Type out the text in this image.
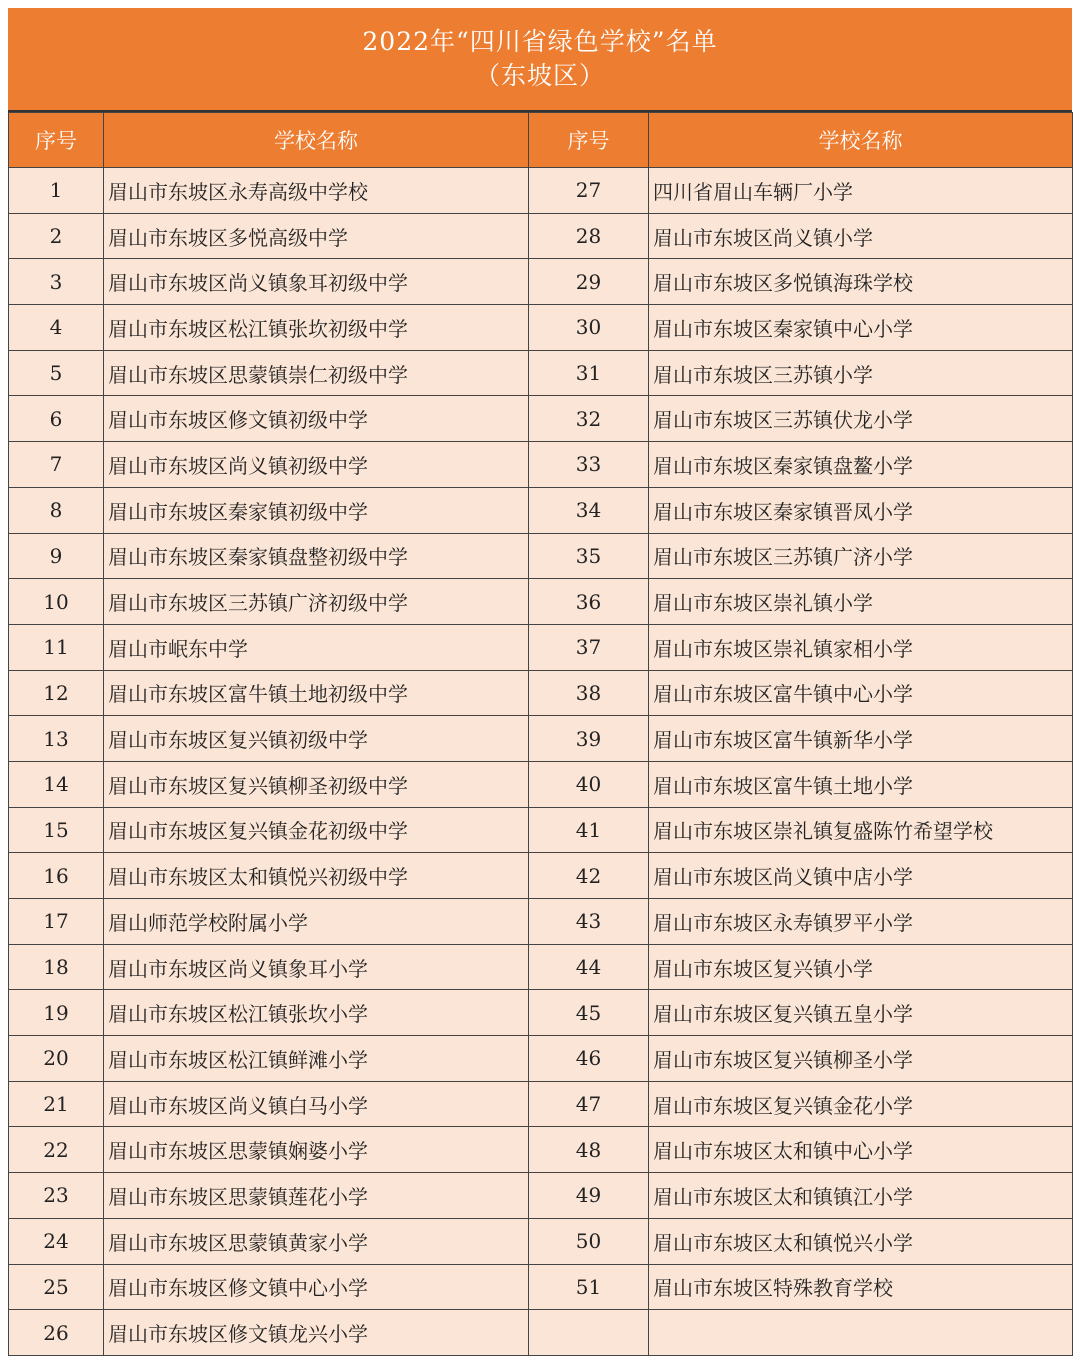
2022年“四川省绿色学校”名单
（东坡区）
序号	学校名称	序号	学校名称
1	眉山市东坡区永寿高级中学校	27	四川省眉山车辆厂小学
2	眉山市东坡区多悦高级中学	28	眉山市东坡区尚义镇小学
3	眉山市东坡区尚义镇象耳初级中学	29	眉山市东坡区多悦镇海珠学校
4	眉山市东坡区松江镇张坎初级中学	30	眉山市东坡区秦家镇中心小学
5	眉山市东坡区思蒙镇崇仁初级中学	31	眉山市东坡区三苏镇小学
6	眉山市东坡区修文镇初级中学	32	眉山市东坡区三苏镇伏龙小学
7	眉山市东坡区尚义镇初级中学	33	眉山市东坡区秦家镇盘鳌小学
8	眉山市东坡区秦家镇初级中学	34	眉山市东坡区秦家镇晋凤小学
9	眉山市东坡区秦家镇盘整初级中学	35	眉山市东坡区三苏镇广济小学
10	眉山市东坡区三苏镇广济初级中学	36	眉山市东坡区崇礼镇小学
11	眉山市岷东中学	37	眉山市东坡区崇礼镇家相小学
12	眉山市东坡区富牛镇土地初级中学	38	眉山市东坡区富牛镇中心小学
13	眉山市东坡区复兴镇初级中学	39	眉山市东坡区富牛镇新华小学
14	眉山市东坡区复兴镇柳圣初级中学	40	眉山市东坡区富牛镇土地小学
15	眉山市东坡区复兴镇金花初级中学	41	眉山市东坡区崇礼镇复盛陈竹希望学校
16	眉山市东坡区太和镇悦兴初级中学	42	眉山市东坡区尚义镇中店小学
17	眉山师范学校附属小学	43	眉山市东坡区永寿镇罗平小学
18	眉山市东坡区尚义镇象耳小学	44	眉山市东坡区复兴镇小学
19	眉山市东坡区松江镇张坎小学	45	眉山市东坡区复兴镇五皇小学
20	眉山市东坡区松江镇鲜滩小学	46	眉山市东坡区复兴镇柳圣小学
21	眉山市东坡区尚义镇白马小学	47	眉山市东坡区复兴镇金花小学
22	眉山市东坡区思蒙镇娴婆小学	48	眉山市东坡区太和镇中心小学
23	眉山市东坡区思蒙镇莲花小学	49	眉山市东坡区太和镇镇江小学
24	眉山市东坡区思蒙镇黄家小学	50	眉山市东坡区太和镇悦兴小学
25	眉山市东坡区修文镇中心小学	51	眉山市东坡区特殊教育学校
26	眉山市东坡区修文镇龙兴小学		
